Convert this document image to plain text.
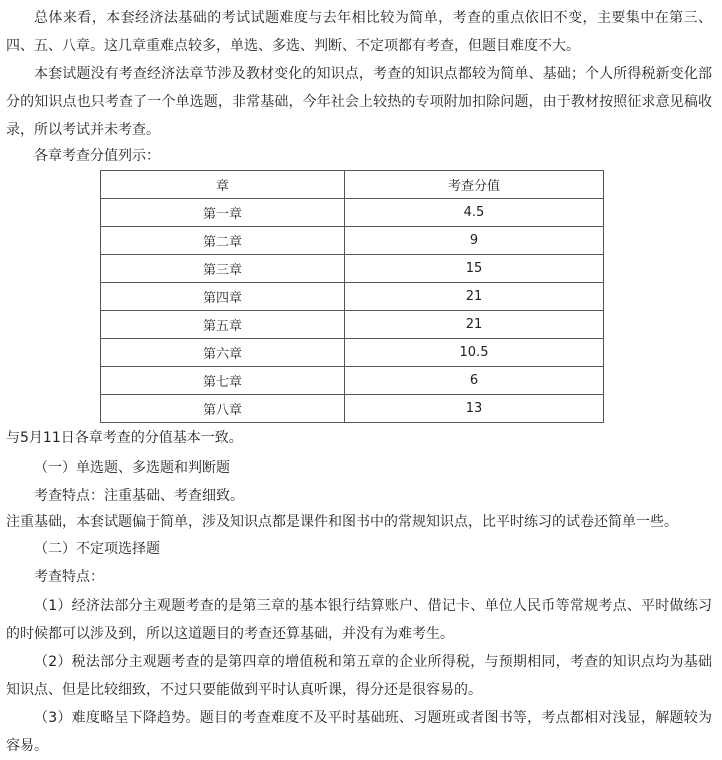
总体来看，本套经济法基础的考试试题难度与去年相比较为简单，考查的重点依旧不变，主要集中在第三、四、五、八章。这几章重难点较多，单选、多选、判断、不定项都有考查，但题目难度不大。

本套试题没有考查经济法章节涉及教材变化的知识点，考查的知识点都较为简单、基础；个人所得税新变化部分的知识点也只考查了一个单选题，非常基础，今年社会上较热的专项附加扣除问题，由于教材按照征求意见稿收录，所以考试并未考查。

各章考查分值列示：

章	考查分值
第一章	4.5
第二章	9
第三章	15
第四章	21
第五章	21
第六章	10.5
第七章	6
第八章	13

与5月11日各章考查的分值基本一致。

（一）单选题、多选题和判断题

考查特点：注重基础、考查细致。

注重基础，本套试题偏于简单，涉及知识点都是课件和图书中的常规知识点，比平时练习的试卷还简单一些。

（二）不定项选择题

考查特点：

（1）经济法部分主观题考查的是第三章的基本银行结算账户、借记卡、单位人民币等常规考点、平时做练习的时候都可以涉及到，所以这道题目的考查还算基础，并没有为难考生。

（2）税法部分主观题考查的是第四章的增值税和第五章的企业所得税，与预期相同，考查的知识点均为基础知识点、但是比较细致，不过只要能做到平时认真听课，得分还是很容易的。

（3）难度略呈下降趋势。题目的考查难度不及平时基础班、习题班或者图书等，考点都相对浅显，解题较为容易。
